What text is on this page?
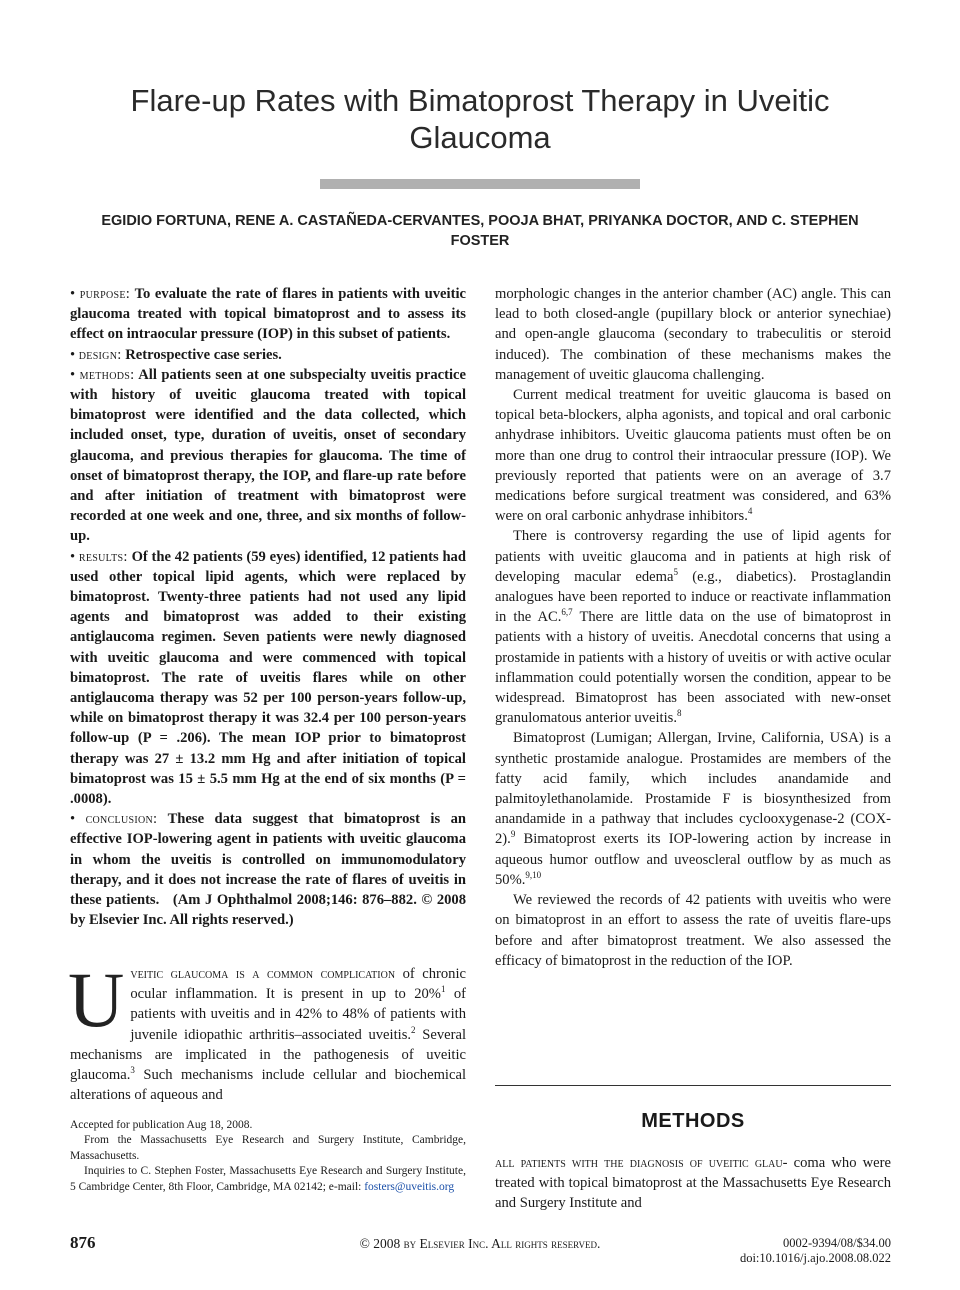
Flare-up Rates with Bimatoprost Therapy in Uveitic Glaucoma

EGIDIO FORTUNA, RENE A. CASTAÑEDA-CERVANTES, POOJA BHAT, PRIYANKA DOCTOR, AND C. STEPHEN FOSTER

• purpose: To evaluate the rate of flares in patients with uveitic glaucoma treated with topical bimatoprost and to assess its effect on intraocular pressure (IOP) in this subset of patients.

• design: Retrospective case series.

• methods: All patients seen at one subspecialty uveitis practice with history of uveitic glaucoma treated with topical bimatoprost were identified and the data collected, which included onset, type, duration of uveitis, onset of secondary glaucoma, and previous therapies for glaucoma. The time of onset of bimatoprost therapy, the IOP, and flare-up rate before and after initiation of treatment with bimatoprost were recorded at one week and one, three, and six months of follow-up.

• results: Of the 42 patients (59 eyes) identified, 12 patients had used other topical lipid agents, which were replaced by bimatoprost. Twenty-three patients had not used any lipid agents and bimatoprost was added to their existing antiglaucoma regimen. Seven patients were newly diagnosed with uveitic glaucoma and were commenced with topical bimatoprost. The rate of uveitis flares while on other antiglaucoma therapy was 52 per 100 person-years follow-up, while on bimatoprost therapy it was 32.4 per 100 person-years follow-up (P = .206). The mean IOP prior to bimatoprost therapy was 27 ± 13.2 mm Hg and after initiation of topical bimatoprost was 15 ± 5.5 mm Hg at the end of six months (P = .0008).

• conclusion: These data suggest that bimatoprost is an effective IOP-lowering agent in patients with uveitic glaucoma in whom the uveitis is controlled on immunomodulatory therapy, and it does not increase the rate of flares of uveitis in these patients. (Am J Ophthalmol 2008;146: 876–882. © 2008 by Elsevier Inc. All rights reserved.)

Uveitic glaucoma is a common complication of chronic ocular inflammation. It is present in up to 20%$^1$ of patients with uveitis and in 42% to 48% of patients with juvenile idiopathic arthritis–associated uveitis.$^2$ Several mechanisms are implicated in the pathogenesis of uveitic glaucoma.$^3$ Such mechanisms include cellular and biochemical alterations of aqueous and

Accepted for publication Aug 18, 2008.

From the Massachusetts Eye Research and Surgery Institute, Cambridge, Massachusetts.

Inquiries to C. Stephen Foster, Massachusetts Eye Research and Surgery Institute, 5 Cambridge Center, 8th Floor, Cambridge, MA 02142; e-mail: fosters@uveitis.org

morphologic changes in the anterior chamber (AC) angle. This can lead to both closed-angle (pupillary block or anterior synechiae) and open-angle glaucoma (secondary to trabeculitis or steroid induced). The combination of these mechanisms makes the management of uveitic glaucoma challenging.

Current medical treatment for uveitic glaucoma is based on topical beta-blockers, alpha agonists, and topical and oral carbonic anhydrase inhibitors. Uveitic glaucoma patients must often be on more than one drug to control their intraocular pressure (IOP). We previously reported that patients were on an average of 3.7 medications before surgical treatment was considered, and 63% were on oral carbonic anhydrase inhibitors.$^4$

There is controversy regarding the use of lipid agents for patients with uveitic glaucoma and in patients at high risk of developing macular edema$^5$ (e.g., diabetics). Prostaglandin analogues have been reported to induce or reactivate inflammation in the AC.$^{6,7}$ There are little data on the use of bimatoprost in patients with a history of uveitis. Anecdotal concerns that using a prostamide in patients with a history of uveitis or with active ocular inflammation could potentially worsen the condition, appear to be widespread. Bimatoprost has been associated with new-onset granulomatous anterior uveitis.$^8$

Bimatoprost (Lumigan; Allergan, Irvine, California, USA) is a synthetic prostamide analogue. Prostamides are members of the fatty acid family, which includes anandamide and palmitoylethanolamide. Prostamide F is biosynthesized from anandamide in a pathway that includes cyclooxygenase-2 (COX-2).$^9$ Bimatoprost exerts its IOP-lowering action by increase in aqueous humor outflow and uveoscleral outflow by as much as 50%.$^{9,10}$

We reviewed the records of 42 patients with uveitis who were on bimatoprost in an effort to assess the rate of uveitis flare-ups before and after bimatoprost treatment. We also assessed the efficacy of bimatoprost in the reduction of the IOP.

METHODS

all patients with the diagnosis of uveitic glau- coma who were treated with topical bimatoprost at the Massachusetts Eye Research and Surgery Institute and

876	© 2008 by Elsevier Inc. All rights reserved.	0002-9394/08/$34.00
doi:10.1016/j.ajo.2008.08.022
